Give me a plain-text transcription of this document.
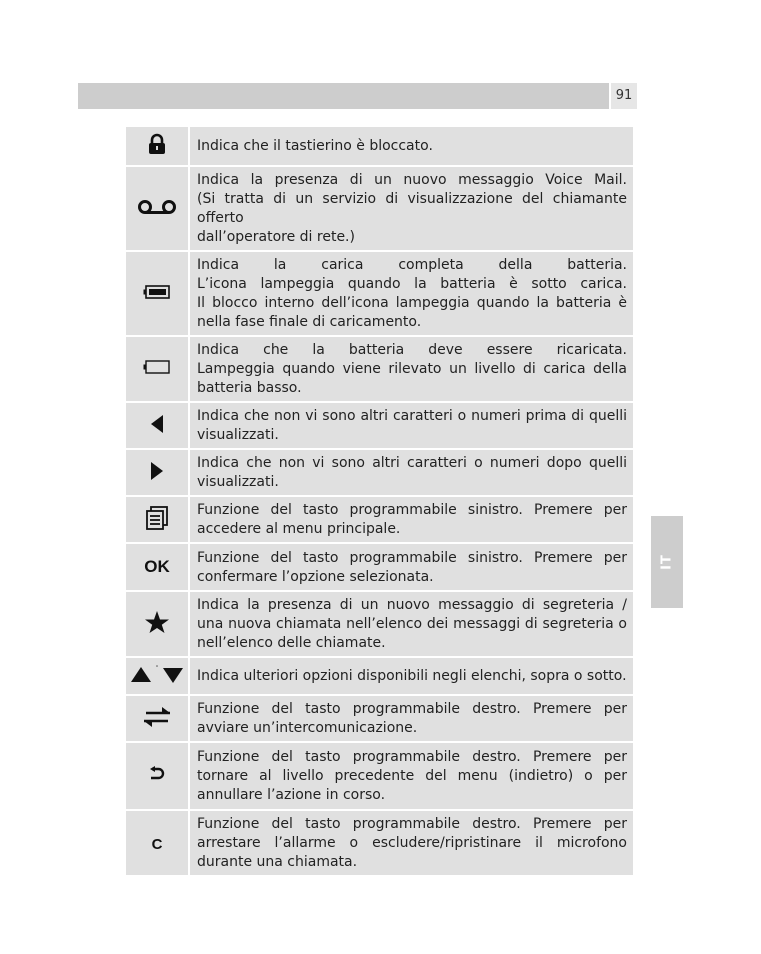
91
IT

Indica che il tastierino è bloccato.

Indica la presenza di un nuovo messaggio Voice Mail.
(Si tratta di un servizio di visualizzazione del chiamante offerto
dall’operatore di rete.)

Indica la carica completa della batteria.
L’icona lampeggia quando la batteria è sotto carica.
Il blocco interno dell’icona lampeggia quando la batteria è
nella fase finale di caricamento.

Indica che la batteria deve essere ricaricata.
Lampeggia quando viene rilevato un livello di carica della
batteria basso.

Indica che non vi sono altri caratteri o numeri prima di quelli
visualizzati.

Indica che non vi sono altri caratteri o numeri dopo quelli
visualizzati.

Funzione del tasto programmabile sinistro. Premere per
accedere al menu principale.

OK	Funzione del tasto programmabile sinistro. Premere per
confermare l’opzione selezionata.

Indica la presenza di un nuovo messaggio di segreteria /
una nuova chiamata nell’elenco dei messaggi di segreteria o
nell’elenco delle chiamate.

Indica ulteriori opzioni disponibili negli elenchi, sopra o sotto.

Funzione del tasto programmabile destro. Premere per
avviare un’intercomunicazione.

Funzione del tasto programmabile destro. Premere per
tornare al livello precedente del menu (indietro) o per
annullare l’azione in corso.

C	Funzione del tasto programmabile destro. Premere per
arrestare l’allarme o escludere/ripristinare il microfono
durante una chiamata.
